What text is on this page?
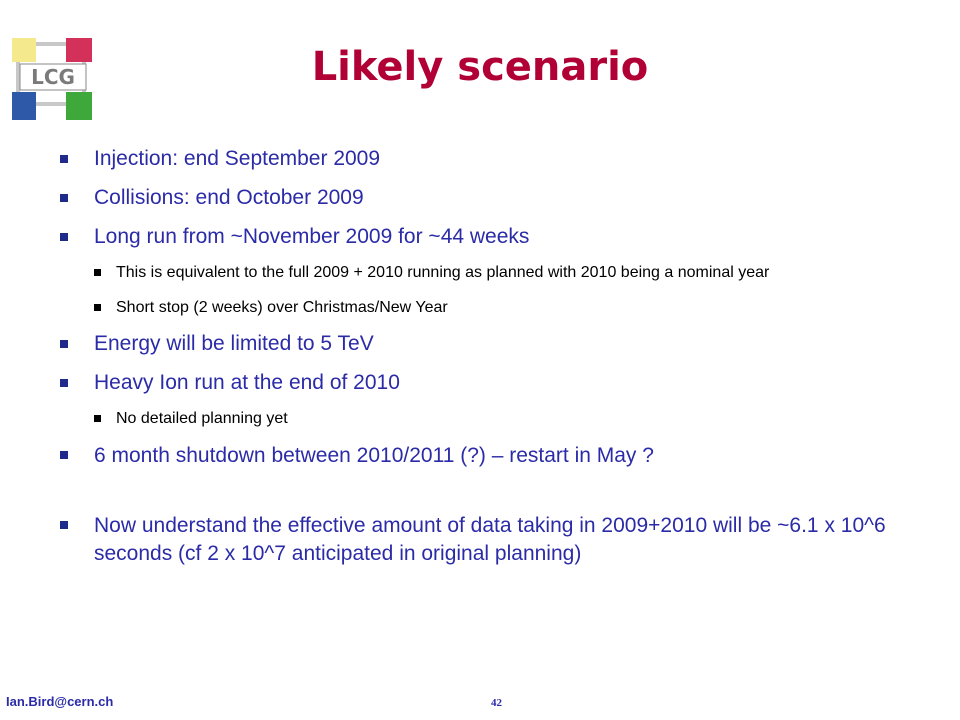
LCG	Likely scenario
Injection: end September 2009
Collisions: end October 2009
Long run from ~November 2009 for ~44 weeks
This is equivalent to the full 2009 + 2010 running as planned with 2010 being a nominal year
Short stop (2 weeks) over Christmas/New Year
Energy will be limited to 5 TeV
Heavy Ion run at the end of 2010
No detailed planning yet
6 month shutdown between 2010/2011 (?) – restart in May ?
Now understand the effective amount of data taking in 2009+2010 will be ~6.1 x 10^6 seconds (cf 2 x 10^7 anticipated in original planning)
Ian.Bird@cern.ch	42
